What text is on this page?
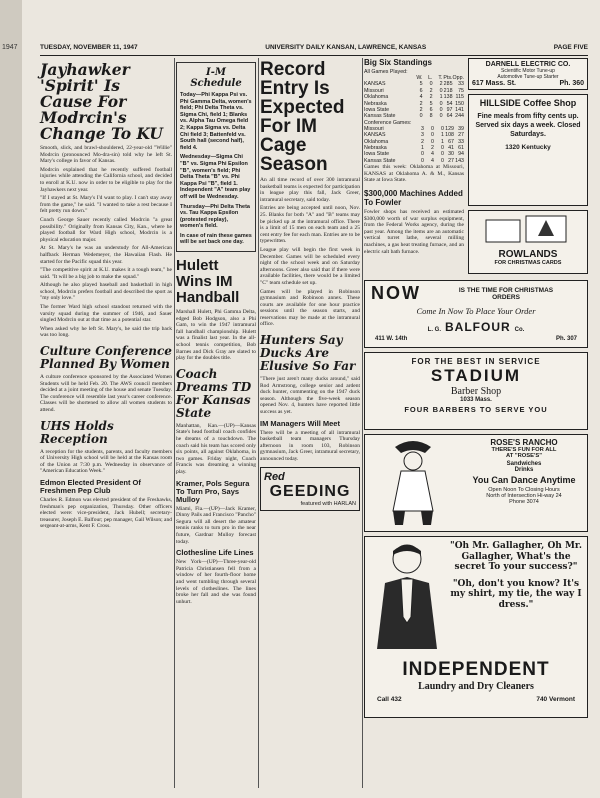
1947	TUESDAY, NOVEMBER 11, 1947	UNIVERSITY DAILY KANSAN, LAWRENCE, KANSAS	PAGE FIVE
Jayhawker 'Spirit' Is Cause For Modrcin's Change To KU

Smooth, slick, and brawl-shouldered, 22-year-old "Willie" Modrcin (pronounced Mo-dra-sin) told why he left St. Mary's college in favor of Kansas.

Modrcin explained that he recently suffered football injuries while attending the California school, and decided to enroll at K.U. now in order to be eligible to play for the Jayhawkers next year.

"If I stayed at St. Mary's I'd want to play. I can't stay away from the game," he said. "I wanted to take a rest because I felt pretty run down."

Coach George Sauer recently called Modrcin "a great possibility." Originally from Kansas City, Kan., where he played football for Ward High school, Modrcin is a physical education major.

At St. Mary's he was an understudy for All-American halfback Herman Wedemeyer, the Hawaiian Flash. He started for the Pacific squad this year.

"The competitive spirit at K.U. makes it a tough team," he said. "It will be a big job to make the squad."

Although he also played baseball and basketball in high school, Modrcin prefers football and described the sport as "my only love."

The former Ward high school standout returned with the varsity squad during the summer of 1946, and Sauer singled Modrcin out at that time as a potential star.

When asked why he left St. Mary's, he said the trip back was too long.

Culture Conference Planned By Women

A culture conference sponsored by the Associated Women Students will be held Feb. 20. The AWS council members decided at a joint meeting of the house and senate Tuesday. The conference will resemble last year's career conference. Classes will be shortened to allow all women students to attend.

UHS Holds Reception

A reception for the students, parents, and faculty members of University High school will be held at the Kansas room of the Union at 7:30 p.m. Wednesday in observance of "American Education Week."

Edmon Elected President Of Freshmen Pep Club

Charles R. Edmon was elected president of the Freshawks, freshman's pep organization, Thursday. Other officers elected were: vice-president, Jack Hubell; secretary-treasurer, Joseph E. Balfour; pep manager, Gail Wilson; and sergeant-at-arms, Kent F. Cross.

I-M Schedule

Today—Phi Kappa Psi vs. Phi Gamma Delta, women's field; Phi Delta Theta vs. Sigma Chi, field 1; Blanks vs. Alpha Tau Omega field 2; Kappa Sigma vs. Delta Chi field 3; Battenfeld vs. South hall (second half), field 4.

Wednesday—Sigma Chi "B" vs. Sigma Phi Epsilon "B", women's field; Phi Delta Theta "B" vs. Phi Kappa Psi "B", field 1. Independent "A" team play off will be Wednesday.

Thursday—Phi Delta Theta vs. Tau Kappa Epsilon (protested replay), women's field.

In case of rain these games will be set back one day.

Hulett Wins IM Handball

Marshall Hulett, Phi Gamma Delta, edged Bob Hodgson, also a Phi Gam, to win the 1947 intramural fall handball championship. Hulett was a finalist last year. In the all-school tennis competition, Bob Barnes and Dick Gray are slated to play for the doubles title.

Coach Dreams TD For Kansas State

Manhattan, Kan.—(UP)—Kansas State's head football coach confides he dreams of a touchdown. The coach said his team has scored only six points, all against Oklahoma, in two games. Friday night, Coach Francis was dreaming a winning play.

Kramer, Pols Segura To Turn Pro, Says Mulloy

Miami, Fla.—(UP)—Jack Kramer, Dinny Pails and Francisco "Pancho" Segura will all desert the amateur tennis ranks to turn pro in the near future, Gardnar Mulloy forecast today.

Clothesline Life Lines

New York—(UP)—Three-year-old Patricia Christiansen fell from a window of her fourth-floor home and went tumbling through several levels of clotheslines. The lines broke her fall and she was found unhurt.

Record Entry Is Expected For IM Cage Season

An all time record of over 300 intramural basketball teams is expected for participation in league play this fall, Jack Greer, intramural secretary, said today.

Entries are being accepted until noon, Nov. 25. Blanks for both "A" and "B" teams may be picked up at the intramural office. There is a limit of 15 men on each team and a 25 cent entry fee for each man. Entries are to be typewritten.

League play will begin the first week in December. Games will be scheduled every night of the school week and on Saturday afternoons. Greer also said that if there were available facilities, there would be a limited "C" team schedule set up.

Games will be played in Robinson gymnasium and Robinson annex. These courts are available for one hour practice sessions until the season starts, and reservations may be made at the intramural office.

Hunters Say Ducks Are Elusive So Far

"There just aren't many ducks around," said Rod Armstrong, college senior and ardent duck hunter, commenting on the 1947 duck season. Although the five-week season opened Nov. 4, hunters have reported little success as yet.

IM Managers Will Meet

There will be a meeting of all intramural basketball team managers Thursday afternoon in room 103, Robinson gymnasium, Jack Greer, intramural secretary, announced today.

Red
GEEDING
featured with HARLAN
Big Six Standings
All Games Played:
	W.	L.	T.	Pts.	Opp.
KANSAS	5	0	2	285	33
Missouri	6	2	0	218	75
Oklahoma	4	2	1	138	115
Nebraska	2	5	0	54	150
Iowa State	2	6	0	97	141
Kansas State	0	8	0	64	244
Conference Games:
Missouri	3	0	0	129	39
KANSAS	3	0	1	108	27
Oklahoma	2	0	1	67	33
Nebraska	1	2	0	41	61
Iowa State	0	4	0	30	94
Kansas State	0	4	0	27	143

Games this week: Oklahoma at Missouri, KANSAS at Oklahoma A. & M., Kansas State at Iowa State.

$300,000 Machines Added To Fowler

Fowler shops has received an estimated $300,000 worth of war surplus equipment, from the Federal Works agency, during the past year. Among the items are an automatic vertical turret lathe, several milling machines, a gas heat treating furnace, and an electric salt bath furnace.

DARNELL ELECTRIC CO.
Scientific Motor Tune-up
Automotive Tune-up Starter
617 Mass. St.	Ph. 360
HILLSIDE Coffee Shop
Fine meals from fifty cents up. Served six days a week. Closed Saturdays.
1320 Kentucky
ROWLANDS
FOR CHRISTMAS CARDS
NOW	IS THE TIME FOR CHRISTMAS ORDERS
Come In Now To Place Your Order
L. G. BALFOUR Co.
411 W. 14th	Ph. 307
FOR THE BEST IN SERVICE
STADIUM
Barber Shop
1033 Mass.
FOUR BARBERS TO SERVE YOU
ROSE'S RANCHO
THERE'S FUN FOR ALL
AT "ROSE'S"
Sandwiches
Drinks
You Can Dance Anytime
Open Noon To Closing Hours
North of Intersection Hi-way 24
Phone 3074
"Oh Mr. Gallagher, Oh Mr. Gallagher, What's the secret To your success?"
"Oh, don't you know? It's my shirt, my tie, the way I dress."
INDEPENDENT
Laundry and Dry Cleaners
Call 432	740 Vermont
